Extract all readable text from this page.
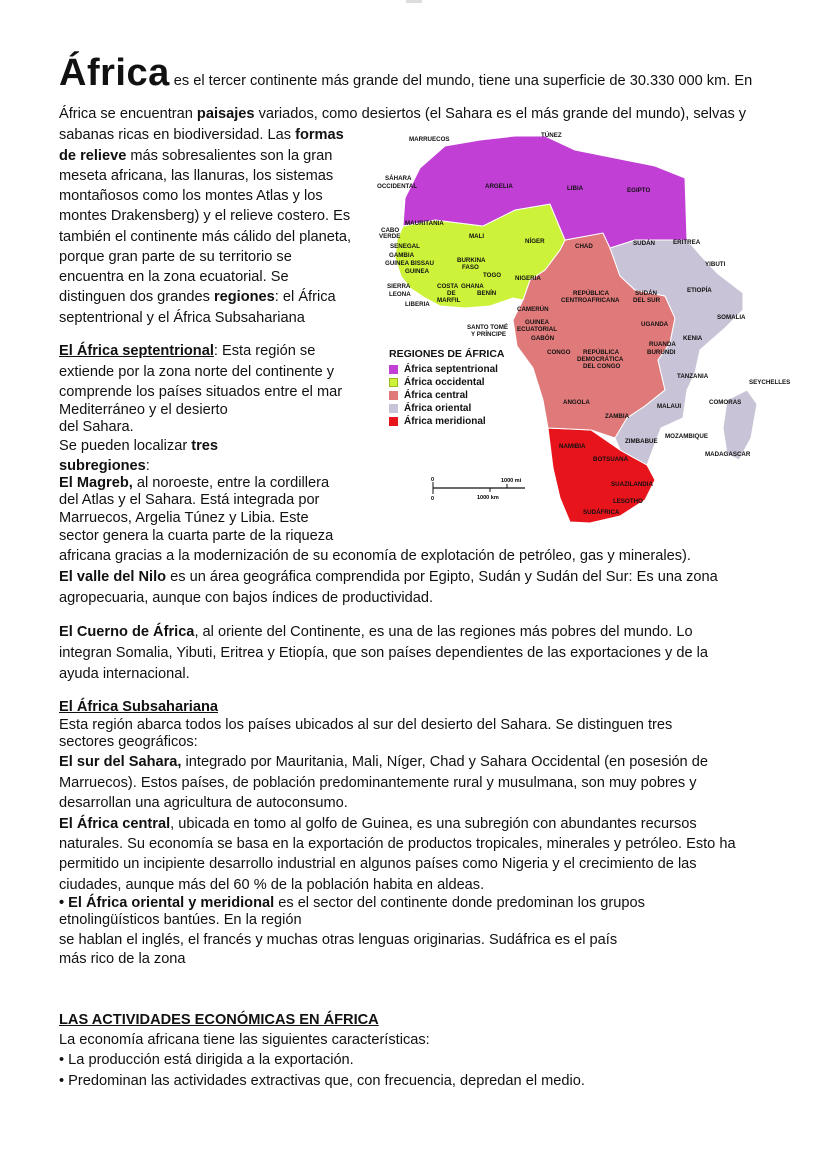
África es el tercer continente más grande del mundo, tiene una superficie de 30.330 000 km. En
África se encuentran paisajes variados, como desiertos (el Sahara es el más grande del mundo), selvas y
sabanas ricas en biodiversidad. Las formas
de relieve más sobresalientes son la gran
meseta africana, las llanuras, los sistemas
montañosos como los montes Atlas y los
montes Drakensberg) y el relieve costero. Es
también el continente más cálido del planeta,
porque gran parte de su territorio se
encuentra en la zona ecuatorial. Se
distinguen dos grandes regiones: el África
septentrional y el África Subsahariana
El África septentrional: Esta región se
extiende por la zona norte del continente y
comprende los países situados entre el mar
Mediterráneo y el desierto
del Sahara.
Se pueden localizar tres
subregiones:
El Magreb, al noroeste, entre la cordillera
del Atlas y el Sahara. Está integrada por
Marruecos, Argelia Túnez y Libia. Este
sector genera la cuarta parte de la riqueza
africana gracias a la modernización de su economía de explotación de petróleo, gas y minerales).
El valle del Nilo es un área geográfica comprendida por Egipto, Sudán y Sudán del Sur: Es una zona
agropecuaria, aunque con bajos índices de productividad.
El Cuerno de África, al oriente del Continente, es una de las regiones más pobres del mundo. Lo
integran Somalia, Yibuti, Eritrea y Etiopía, que son países dependientes de las exportaciones y de la
ayuda internacional.
El África Subsahariana
Esta región abarca todos los países ubicados al sur del desierto del Sahara. Se distinguen tres
sectores geográficos:
El sur del Sahara, integrado por Mauritania, Mali, Níger, Chad y Sahara Occidental (en posesión de
Marruecos). Estos países, de población predominantemente rural y musulmana, son muy pobres y
desarrollan una agricultura de autoconsumo.
El África central, ubicada en tomo al golfo de Guinea, es una subregión con abundantes recursos
naturales. Su economía se basa en la exportación de productos tropicales, minerales y petróleo. Esto ha
permitido un incipiente desarrollo industrial en algunos países como Nigeria y el crecimiento de las
ciudades, aunque más del 60 % de la población habita en aldeas.
• El África oriental y meridional es el sector del continente donde predominan los grupos
etnolingüísticos bantúes. En la región
se hablan el inglés, el francés y muchas otras lenguas originarias. Sudáfrica es el país
más rico de la zona
LAS ACTIVIDADES ECONÓMICAS EN ÁFRICA
La economía africana tiene las siguientes características:
• La producción está dirigida a la exportación.
• Predominan las actividades extractivas que, con frecuencia, depredan el medio.
MARRUECOS
TÚNEZ
SÁHARA
OCCIDENTAL	ARGELIA	LIBIA	EGIPTO
MAURITANIA
CABO
VERDE
SENEGAL
GAMBIA
GUINEA BISSAU
GUINEA
MALI
BURKINA
FASO
NÍGER
CHAD	SUDÁN	ERITREA
YIBUTI
TOGO NIGERIA
SIERRA
LEONA
LIBERIA
COSTA
DE
MARFIL
GHANA
BENÍN	REPÚBLICA
CENTROAFRICANA
SUDÁN
DEL SUR
ETIOPÍA
SOMALIA
CAMERÚN
GUINEA
ECUATORIAL
SANTO TOMÉ
Y PRÍNCIPE
GABÓN
UGANDA
KENIA
RUANDA
BURUNDI
CONGO REPÚBLICA
DEMOCRÁTICA
DEL CONGO
TANZANIA
SEYCHELLES
ANGOLA
MALAUI
COMORAS
ZAMBIA
ZIMBABUE
MOZAMBIQUE
MADAGASCAR
NAMIBIA
BOTSUANA
SUAZILANDIA
LESOTHO
SUDÁFRICA
0
0
1000 mi
1000 km
REGIONES DE ÁFRICA
África septentrional
África occidental
África central
África oriental
África meridional
